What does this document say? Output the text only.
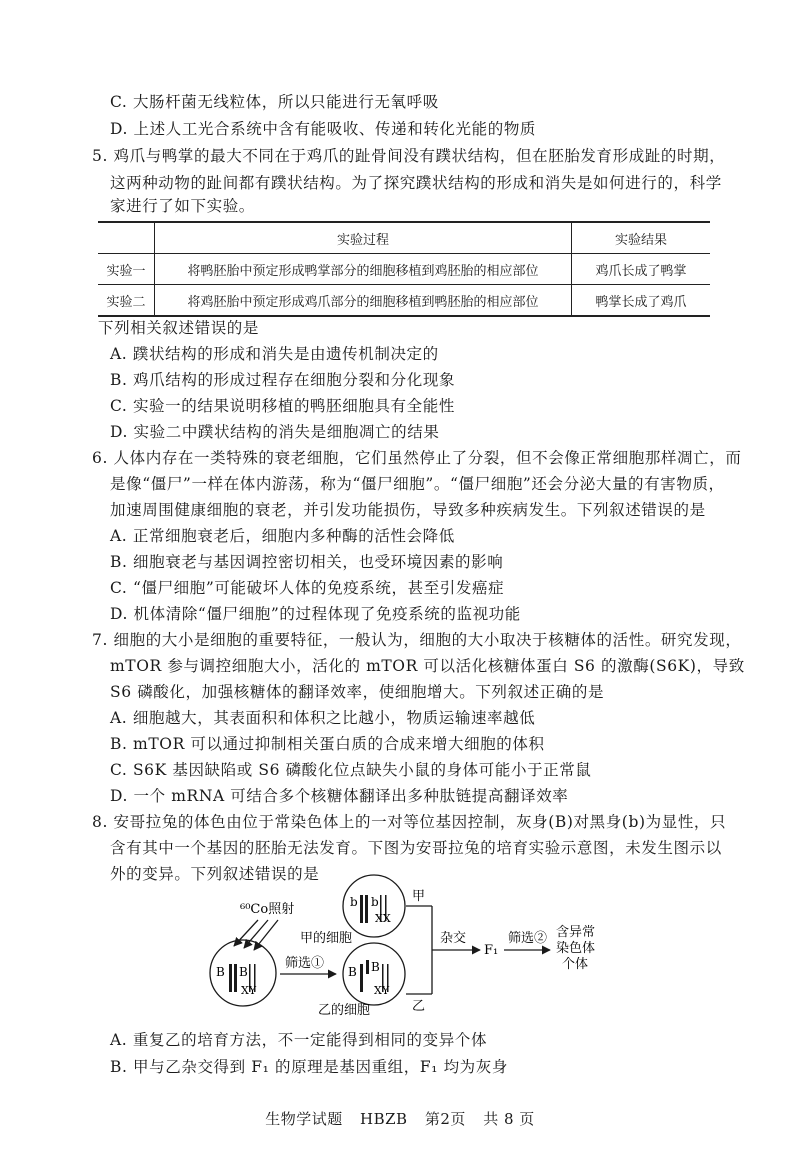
C. 大肠杆菌无线粒体，所以只能进行无氧呼吸
D. 上述人工光合系统中含有能吸收、传递和转化光能的物质
5. 鸡爪与鸭掌的最大不同在于鸡爪的趾骨间没有蹼状结构，但在胚胎发育形成趾的时期，
这两种动物的趾间都有蹼状结构。为了探究蹼状结构的形成和消失是如何进行的，科学
家进行了如下实验。
	实验过程	实验结果
实验一	将鸭胚胎中预定形成鸭掌部分的细胞移植到鸡胚胎的相应部位	鸡爪长成了鸭掌
实验二	将鸡胚胎中预定形成鸡爪部分的细胞移植到鸭胚胎的相应部位	鸭掌长成了鸡爪
下列相关叙述错误的是
A. 蹼状结构的形成和消失是由遗传机制决定的
B. 鸡爪结构的形成过程存在细胞分裂和分化现象
C. 实验一的结果说明移植的鸭胚细胞具有全能性
D. 实验二中蹼状结构的消失是细胞凋亡的结果
6. 人体内存在一类特殊的衰老细胞，它们虽然停止了分裂，但不会像正常细胞那样凋亡，而
是像“僵尸”一样在体内游荡，称为“僵尸细胞”。“僵尸细胞”还会分泌大量的有害物质，
加速周围健康细胞的衰老，并引发功能损伤，导致多种疾病发生。下列叙述错误的是
A. 正常细胞衰老后，细胞内多种酶的活性会降低
B. 细胞衰老与基因调控密切相关，也受环境因素的影响
C. “僵尸细胞”可能破坏人体的免疫系统，甚至引发癌症
D. 机体清除“僵尸细胞”的过程体现了免疫系统的监视功能
7. 细胞的大小是细胞的重要特征，一般认为，细胞的大小取决于核糖体的活性。研究发现，
mTOR 参与调控细胞大小，活化的 mTOR 可以活化核糖体蛋白 S6 的激酶(S6K)，导致
S6 磷酸化，加强核糖体的翻译效率，使细胞增大。下列叙述正确的是
A. 细胞越大，其表面积和体积之比越小，物质运输速率越低
B. mTOR 可以通过抑制相关蛋白质的合成来增大细胞的体积
C. S6K 基因缺陷或 S6 磷酸化位点缺失小鼠的身体可能小于正常鼠
D. 一个 mRNA 可结合多个核糖体翻译出多种肽链提高翻译效率
8. 安哥拉兔的体色由位于常染色体上的一对等位基因控制，灰身(B)对黑身(b)为显性，只
含有其中一个基因的胚胎无法发育。下图为安哥拉兔的培育实验示意图，未发生图示以
外的变异。下列叙述错误的是
⁶⁰Co照射
B B
XY
筛选①
b b
XX
甲的细胞
B B
XY
乙的细胞
甲
乙
杂交
F₁
筛选② 含异常
染色体
个体
A. 重复乙的培育方法，不一定能得到相同的变异个体
B. 甲与乙杂交得到 F₁ 的原理是基因重组，F₁ 均为灰身
生物学试题 HBZB 第2页 共 8 页
